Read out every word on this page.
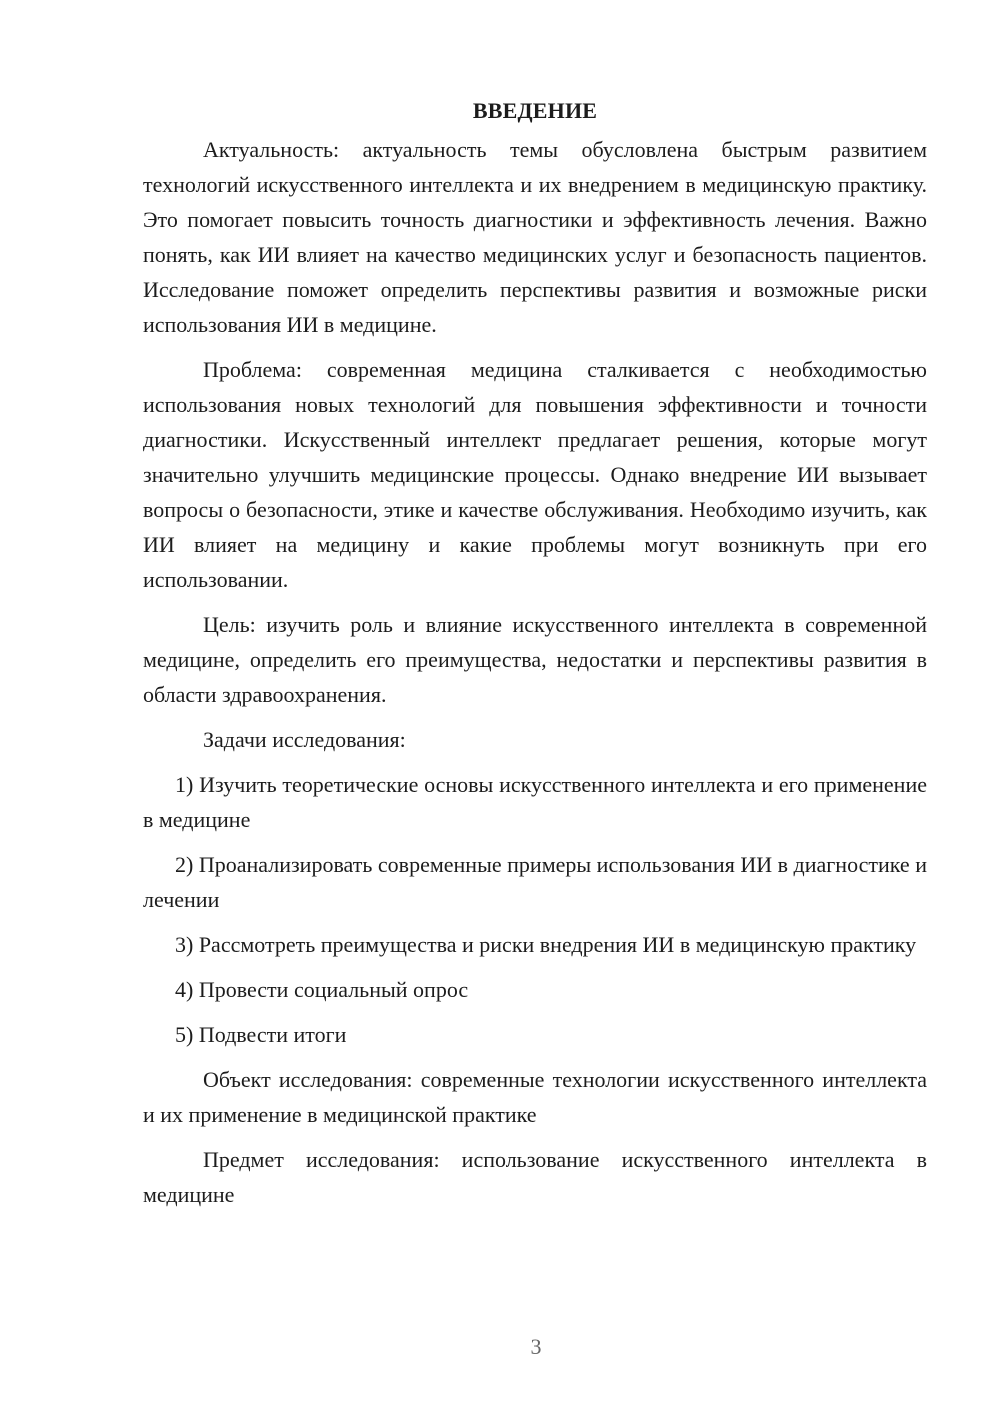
ВВЕДЕНИЕ

Актуальность: актуальность темы обусловлена быстрым развитием технологий искусственного интеллекта и их внедрением в медицинскую практику. Это помогает повысить точность диагностики и эффективность лечения. Важно понять, как ИИ влияет на качество медицинских услуг и безопасность пациентов. Исследование поможет определить перспективы развития и возможные риски использования ИИ в медицине.

Проблема: современная медицина сталкивается с необходимостью использования новых технологий для повышения эффективности и точности диагностики. Искусственный интеллект предлагает решения, которые могут значительно улучшить медицинские процессы. Однако внедрение ИИ вызывает вопросы о безопасности, этике и качестве обслуживания. Необходимо изучить, как ИИ влияет на медицину и какие проблемы могут возникнуть при его использовании.

Цель: изучить роль и влияние искусственного интеллекта в современной медицине, определить его преимущества, недостатки и перспективы развития в области здравоохранения.

Задачи исследования:

1) Изучить теоретические основы искусственного интеллекта и его применение в медицине

2) Проанализировать современные примеры использования ИИ в диагностике и лечении

3) Рассмотреть преимущества и риски внедрения ИИ в медицинскую практику

4) Провести социальный опрос

5) Подвести итоги

Объект исследования: современные технологии искусственного интеллекта и их применение в медицинской практике

Предмет исследования: использование искусственного интеллекта в медицине

3
